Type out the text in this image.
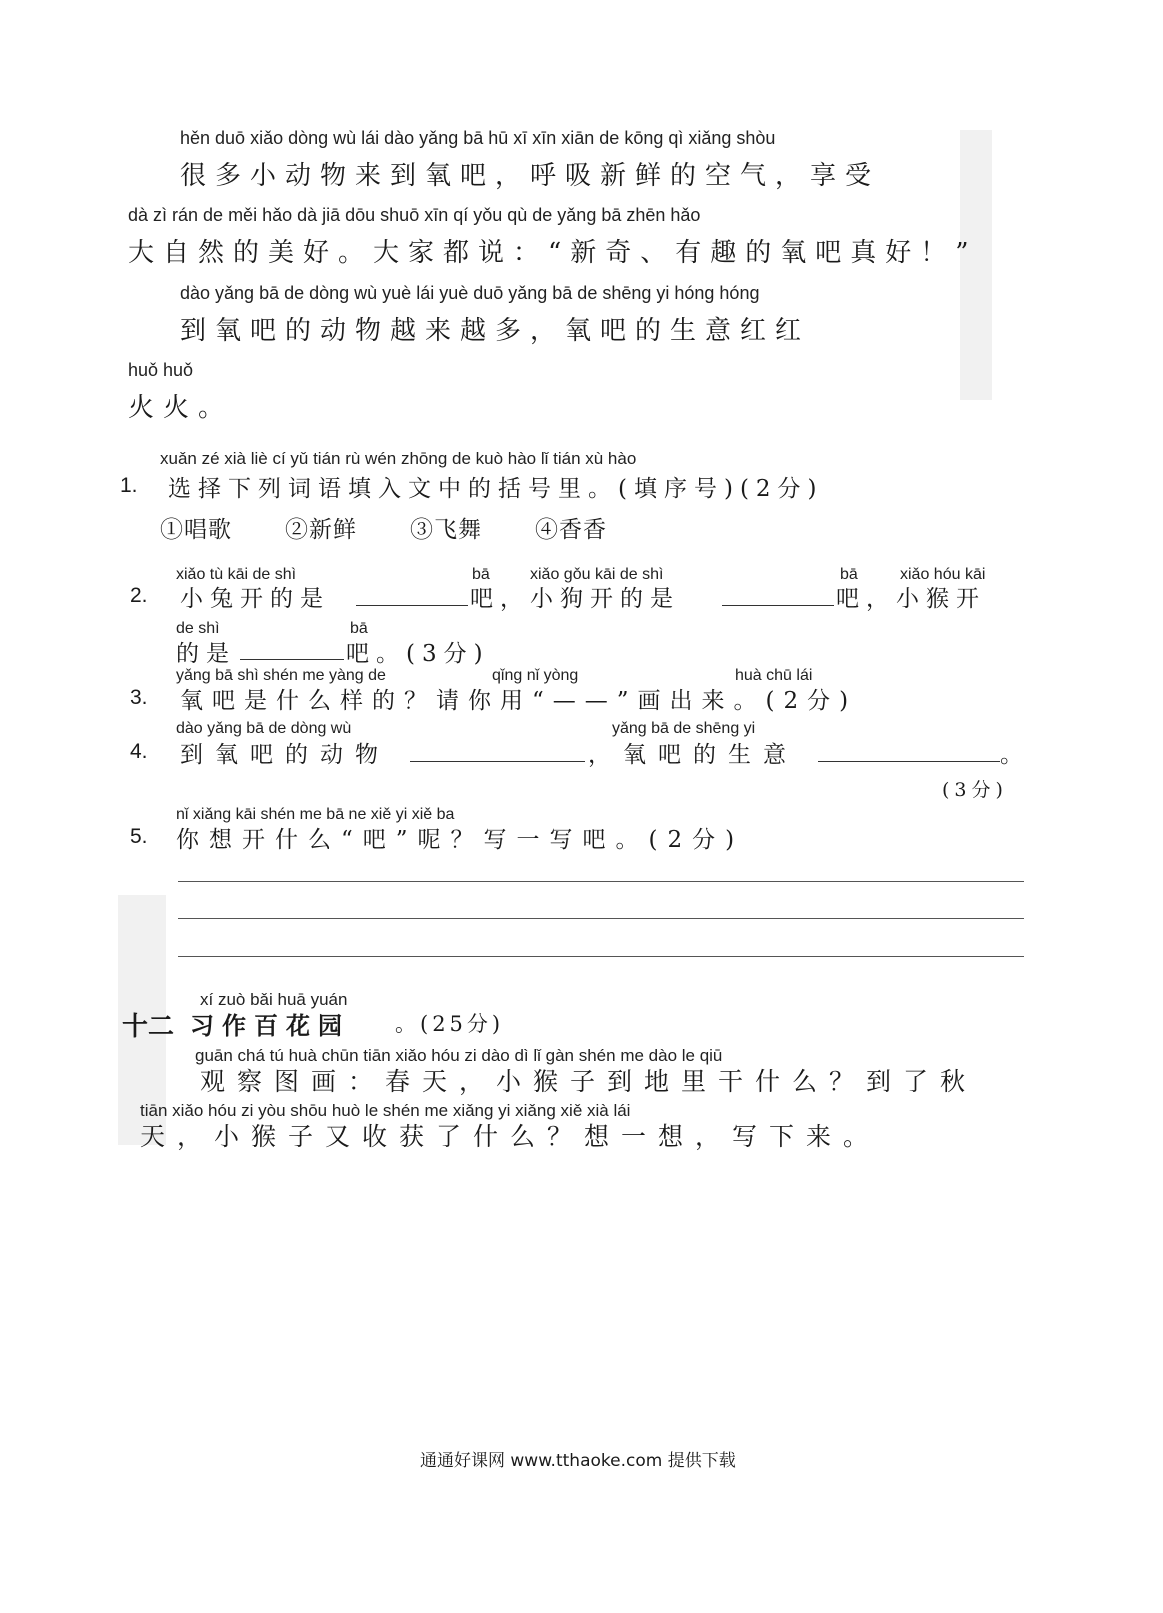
hěn duō xiǎo dòng wù lái dào yǎng bā hū xī xīn xiān de kōng qì xiǎng shòu
很多小动物来到氧吧，呼吸新鲜的空气，享受
dà zì rán de měi hǎo dà jiā dōu shuō xīn qí yǒu qù de yǎng bā zhēn hǎo
大自然的美好。大家都说：“新奇、有趣的氧吧真好！”
dào yǎng bā de dòng wù yuè lái yuè duō yǎng bā de shēng yi hóng hóng
到氧吧的动物越来越多，氧吧的生意红红
huǒ huǒ
火火。
xuǎn zé xià liè cí yǔ tián rù wén zhōng de kuò hào lǐ tián xù hào
1. 选择下列词语填入文中的括号里。(填序号)(2分)
①唱歌 ②新鲜 ③飞舞 ④香香
xiǎo tù kāi de shì	bā	xiǎo gǒu kāi de shì	bā	xiǎo hóu kāi
2. 小兔开的是	吧，小狗开的是	吧，小猴开
de shì	bā
的是	吧。(3分)
yǎng bā shì shén me yàng de	qǐng nǐ yòng	huà chū lái
3. 氧吧是什么样的？请你用“——”画出来。(2分)
dào yǎng bā de dòng wù	yǎng bā de shēng yi
4. 到氧吧的动物	，氧吧的生意	。
(3分)
nǐ xiǎng kāi shén me bā ne xiě yi xiě ba
5. 你想开什么“吧”呢？写一写吧。(2分)
xí zuò bǎi huā yuán
十二 习作百花园 。(25分)
guān chá tú huà chūn tiān xiǎo hóu zi dào dì lǐ gàn shén me dào le qiū
观察图画：春天，小猴子到地里干什么？到了秋
tiān xiǎo hóu zi yòu shōu huò le shén me xiǎng yi xiǎng xiě xià lái
天，小猴子又收获了什么？想一想，写下来。
通通好课网 www.tthaoke.com 提供下载
